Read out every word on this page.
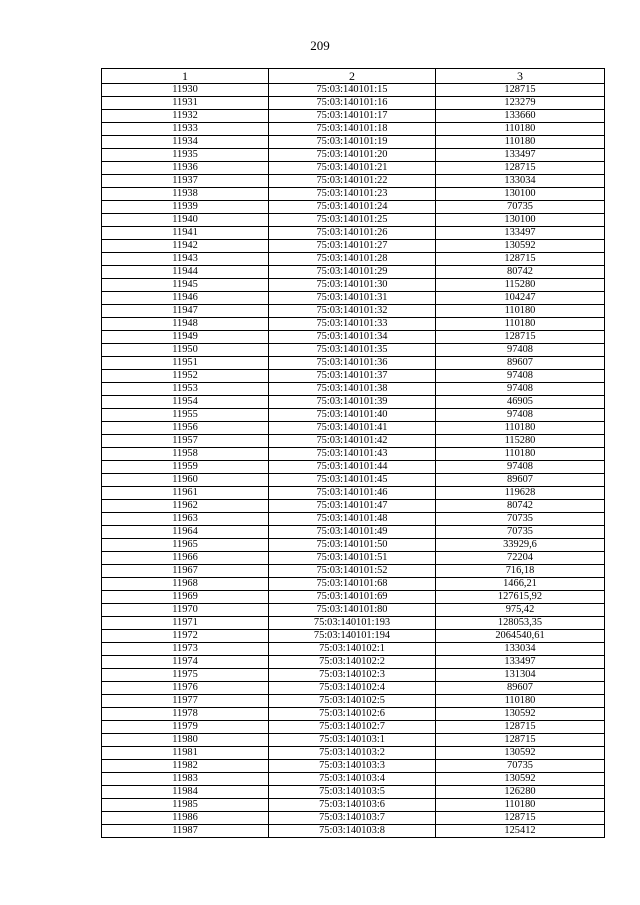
209
1	2	3
11930	75:03:140101:15	128715
11931	75:03:140101:16	123279
11932	75:03:140101:17	133660
11933	75:03:140101:18	110180
11934	75:03:140101:19	110180
11935	75:03:140101:20	133497
11936	75:03:140101:21	128715
11937	75:03:140101:22	133034
11938	75:03:140101:23	130100
11939	75:03:140101:24	70735
11940	75:03:140101:25	130100
11941	75:03:140101:26	133497
11942	75:03:140101:27	130592
11943	75:03:140101:28	128715
11944	75:03:140101:29	80742
11945	75:03:140101:30	115280
11946	75:03:140101:31	104247
11947	75:03:140101:32	110180
11948	75:03:140101:33	110180
11949	75:03:140101:34	128715
11950	75:03:140101:35	97408
11951	75:03:140101:36	89607
11952	75:03:140101:37	97408
11953	75:03:140101:38	97408
11954	75:03:140101:39	46905
11955	75:03:140101:40	97408
11956	75:03:140101:41	110180
11957	75:03:140101:42	115280
11958	75:03:140101:43	110180
11959	75:03:140101:44	97408
11960	75:03:140101:45	89607
11961	75:03:140101:46	119628
11962	75:03:140101:47	80742
11963	75:03:140101:48	70735
11964	75:03:140101:49	70735
11965	75:03:140101:50	33929,6
11966	75:03:140101:51	72204
11967	75:03:140101:52	716,18
11968	75:03:140101:68	1466,21
11969	75:03:140101:69	127615,92
11970	75:03:140101:80	975,42
11971	75:03:140101:193	128053,35
11972	75:03:140101:194	2064540,61
11973	75:03:140102:1	133034
11974	75:03:140102:2	133497
11975	75:03:140102:3	131304
11976	75:03:140102:4	89607
11977	75:03:140102:5	110180
11978	75:03:140102:6	130592
11979	75:03:140102:7	128715
11980	75:03:140103:1	128715
11981	75:03:140103:2	130592
11982	75:03:140103:3	70735
11983	75:03:140103:4	130592
11984	75:03:140103:5	126280
11985	75:03:140103:6	110180
11986	75:03:140103:7	128715
11987	75:03:140103:8	125412
